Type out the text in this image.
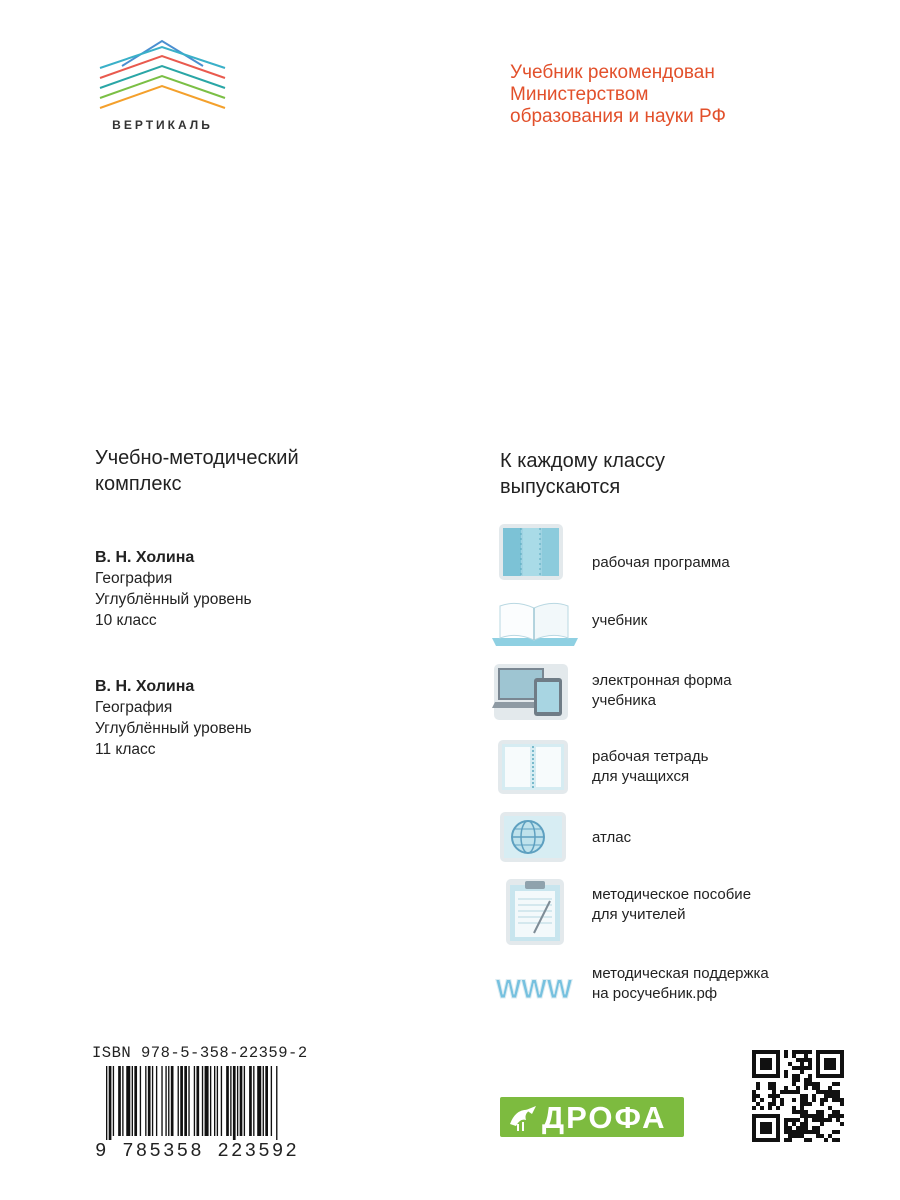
ВЕРТИКАЛЬ
Учебник рекомендован
Министерством
образования и науки РФ
Учебно-методический
комплекс
В. Н. Холина
География
Углублённый уровень
10 класс
В. Н. Холина
География
Углублённый уровень
11 класс
К каждому классу
выпускаются
рабочая программа
учебник
электронная форма
учебника
рабочая тетрадь
для учащихся
атлас
методическое пособие
для учителей
WWW
методическая поддержка
на росучебник.рф
ISBN 978-5-358-22359-2
9 785358 223592
ДРОФА
